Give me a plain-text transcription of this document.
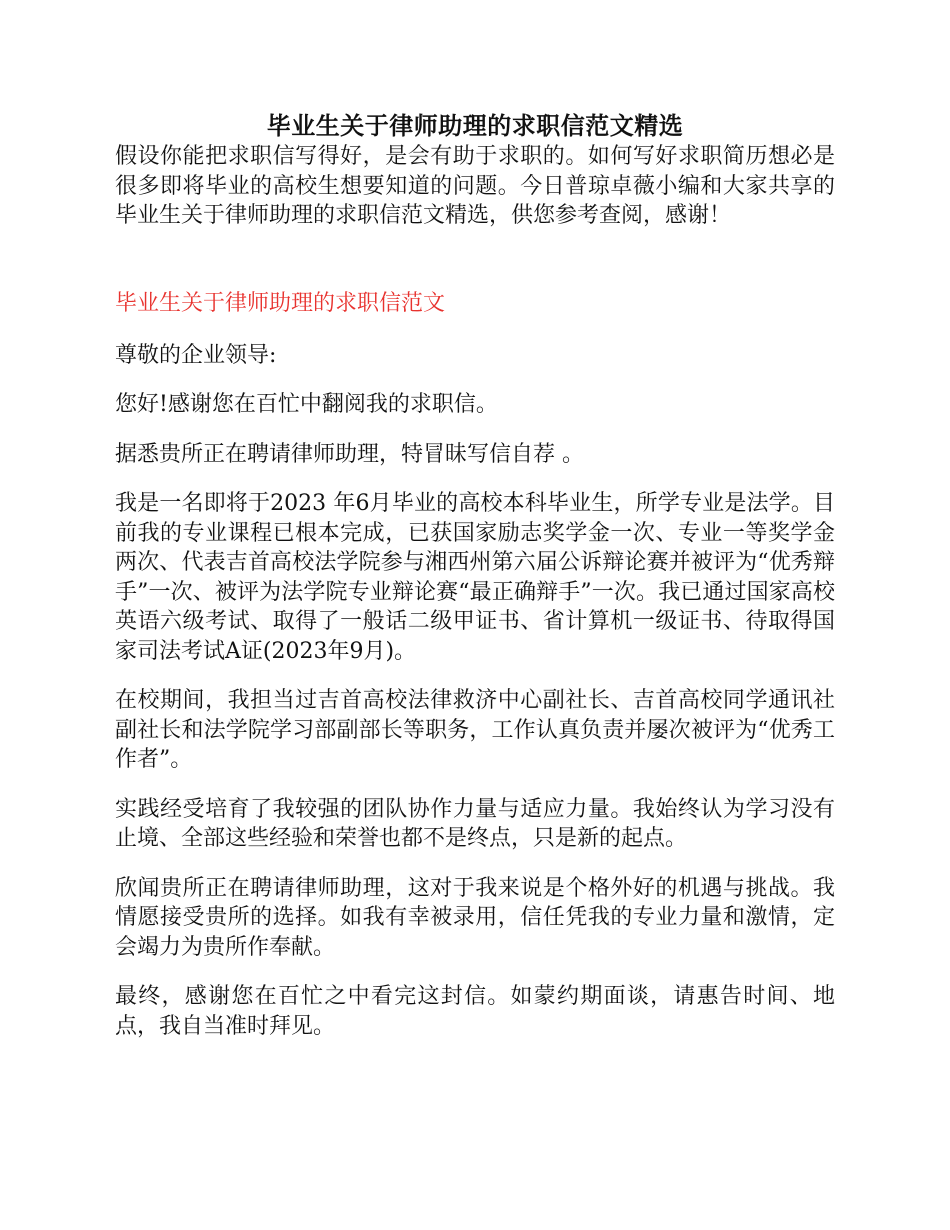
毕业生关于律师助理的求职信范文精选

假设你能把求职信写得好，是会有助于求职的。如何写好求职简历想必是很多即将毕业的高校生想要知道的问题。今日普琼卓薇小编和大家共享的毕业生关于律师助理的求职信范文精选，供您参考查阅，感谢！

毕业生关于律师助理的求职信范文

尊敬的企业领导:

您好!感谢您在百忙中翻阅我的求职信。

据悉贵所正在聘请律师助理，特冒昧写信自荐 。

我是一名即将于2023 年6月毕业的高校本科毕业生，所学专业是法学。目前我的专业课程已根本完成，已获国家励志奖学金一次、专业一等奖学金两次、代表吉首高校法学院参与湘西州第六届公诉辩论赛并被评为“优秀辩手”一次、被评为法学院专业辩论赛“最正确辩手”一次。我已通过国家高校英语六级考试、取得了一般话二级甲证书、省计算机一级证书、待取得国家司法考试A证(2023年9月)。

在校期间，我担当过吉首高校法律救济中心副社长、吉首高校同学通讯社副社长和法学院学习部副部长等职务，工作认真负责并屡次被评为“优秀工作者”。

实践经受培育了我较强的团队协作力量与适应力量。我始终认为学习没有止境、全部这些经验和荣誉也都不是终点，只是新的起点。

欣闻贵所正在聘请律师助理，这对于我来说是个格外好的机遇与挑战。我情愿接受贵所的选择。如我有幸被录用，信任凭我的专业力量和激情，定会竭力为贵所作奉献。

最终，感谢您在百忙之中看完这封信。如蒙约期面谈，请惠告时间、地点，我自当准时拜见。
